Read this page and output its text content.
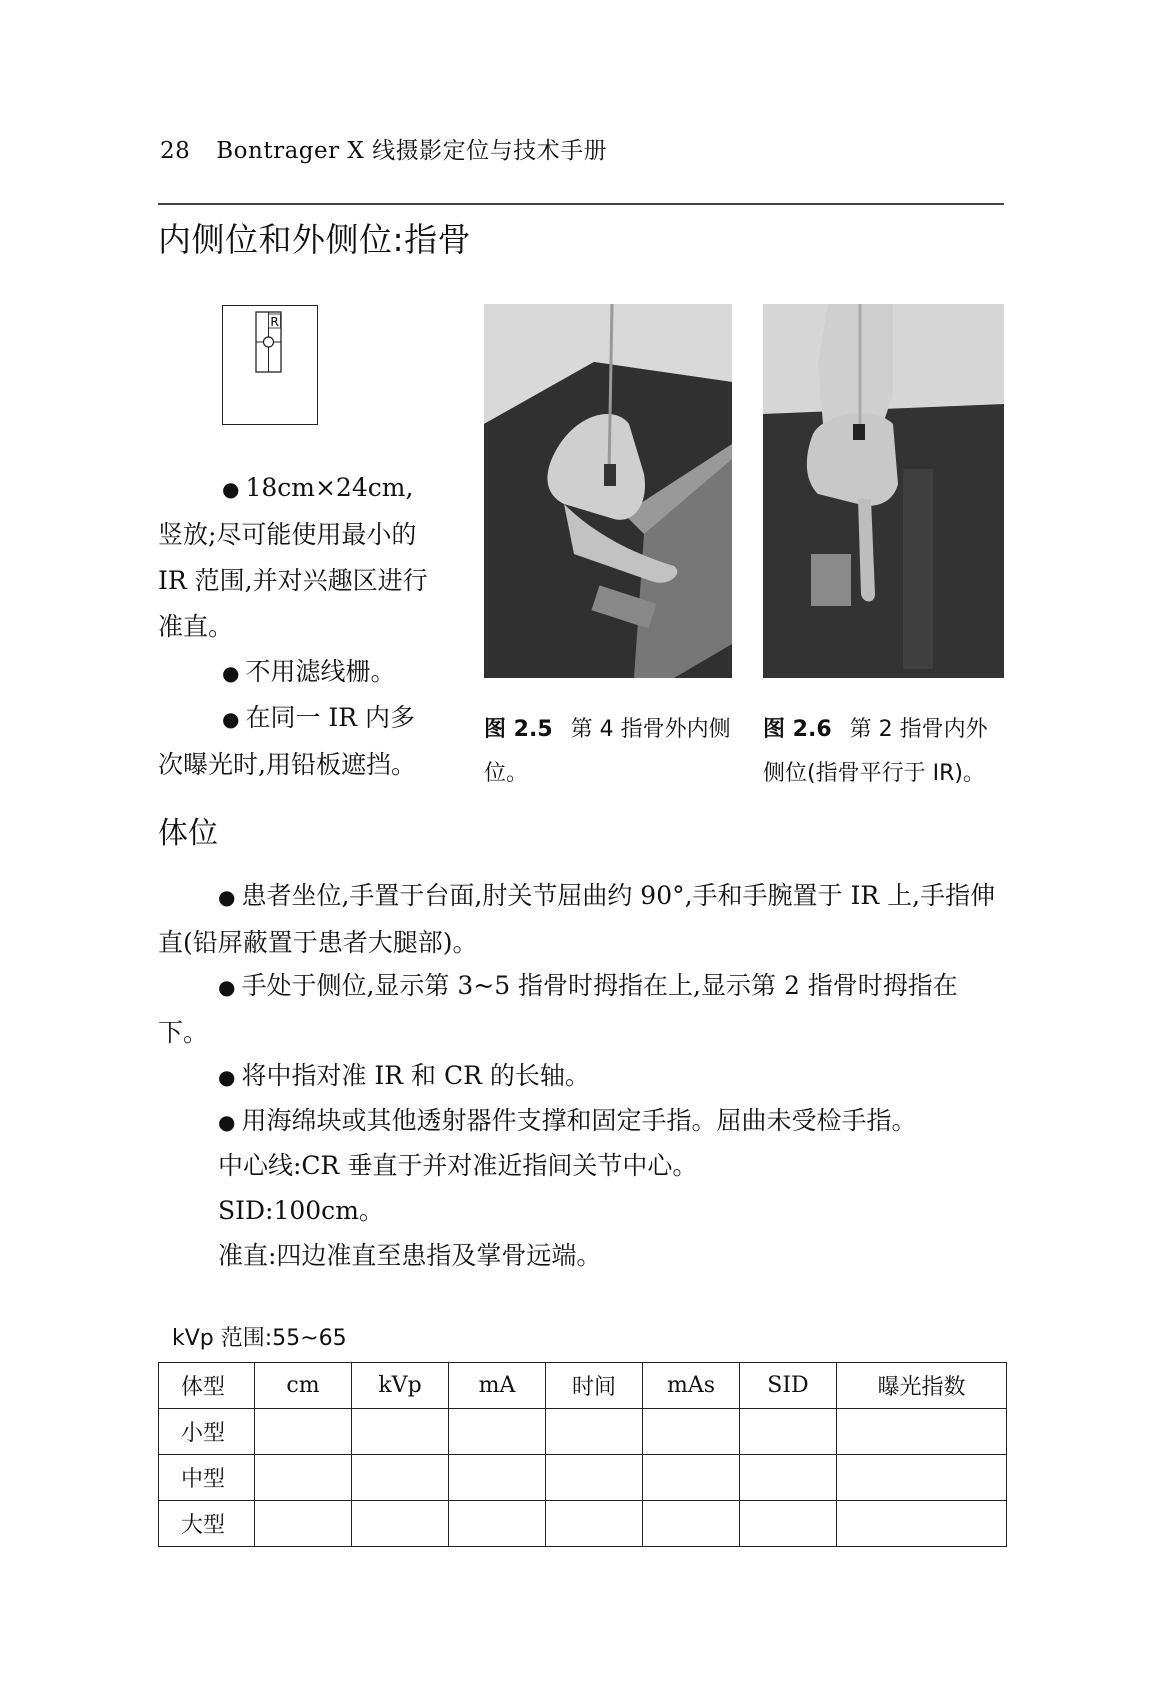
28 Bontrager X 线摄影定位与技术手册
内侧位和外侧位:指骨
R
● 18cm×24cm,竖放;尽可能使用最小的 IR 范围,并对兴趣区进行准直。
● 不用滤线栅。
● 在同一 IR 内多次曝光时,用铅板遮挡。
图 2.5 第 4 指骨外内侧位。
图 2.6 第 2 指骨内外侧位(指骨平行于 IR)。
体位
● 患者坐位,手置于台面,肘关节屈曲约 90°,手和手腕置于 IR 上,手指伸直(铅屏蔽置于患者大腿部)。
● 手处于侧位,显示第 3~5 指骨时拇指在上,显示第 2 指骨时拇指在下。
● 将中指对准 IR 和 CR 的长轴。
● 用海绵块或其他透射器件支撑和固定手指。屈曲未受检手指。
中心线:CR 垂直于并对准近指间关节中心。
SID:100cm。
准直:四边准直至患指及掌骨远端。
kVp 范围:55~65
体型	cm	kVp	mA	时间	mAs	SID	曝光指数
小型							
中型							
大型							
